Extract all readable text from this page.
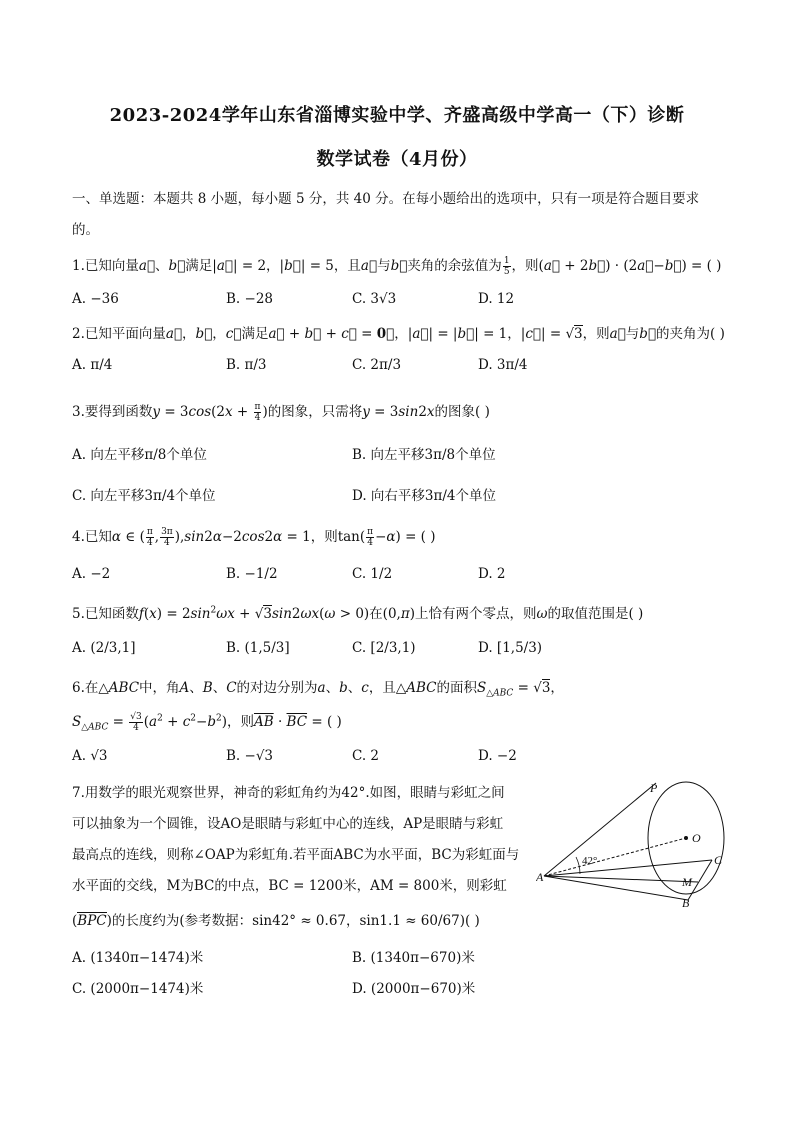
2023-2024学年山东省淄博实验中学、齐盛高级中学高一（下）诊断
数学试卷（4月份）
一、单选题：本题共 8 小题，每小题 5 分，共 40 分。在每小题给出的选项中，只有一项是符合题目要求
的。
1.已知向量a⃗、b⃗满足|a⃗| = 2，|b⃗| = 5，且a⃗与b⃗夹角的余弦值为 $\frac{1}{5}$ ，则(a⃗ + 2b⃗) · (2a⃗−b⃗) = ( )
A. −36	B. −28	C. 3√3	D. 12
2.已知平面向量a⃗，b⃗，c⃗满足a⃗ + b⃗ + c⃗ = 0⃗，|a⃗| = |b⃗| = 1，|c⃗| = √3，则a⃗与b⃗的夹角为( )
A. π/4	B. π/3	C. 2π/3	D. 3π/4
3.要得到函数$y = 3\cos(2x + \frac{\pi}{4}$ )的图象，只需将y = 3sin2x的图象( )
A. 向左平移π/8个单位	B. 向左平移3π/8个单位
C. 向左平移3π/4个单位	D. 向右平移3π/4个单位
4.已知α ∈ ( $\frac{\pi}{4}$ , $\frac{3\pi}{4} ),\sin 2\alpha-2\cos 2\alpha = 1$，则$\tan( \frac{\pi}{4} -\alpha)$ = ( )
A. −2	B. −1/2	C. 1/2	D. 2
5.已知函数$f(x) = 2\sin^2\omega x + √3\sin 2\omega x(\omega > 0)$在(0,π)上恰有两个零点，则ω的取值范围是( )
A. (2/3,1]	B. (1,5/3]	C. [2/3,1)	D. [1,5/3)
6.在△ABC中，角A、B、C的对边分别为a、b、c，且△ABC的面积$S_{\triangle ABC} = √3$，
$S_{\triangle ABC} = \frac{√3}{4} (a^2 + c^2-b^2)$，则$\overline{AB} \cdot \overline{BC}$ = ( )
A. √3	B. −√3	C. 2	D. −2
7.用数学的眼光观察世界，神奇的彩虹角约为42°.如图，眼睛与彩虹之间
可以抽象为一个圆锥，设AO是眼睛与彩虹中心的连线，AP是眼睛与彩虹
最高点的连线，则称∠OAP为彩虹角.若平面ABC为水平面，BC为彩虹面与
水平面的交线，M为BC的中点，BC = 1200米，AM = 800米，则彩虹
(BPC)的长度约为(参考数据：sin42° ≈ 0.67，sin1.1 ≈ 60/67)( )
A. (1340π−1474)米	B. (1340π−670)米
C. (2000π−1474)米	D. (2000π−670)米
P
O
C
A	M
B
42°
